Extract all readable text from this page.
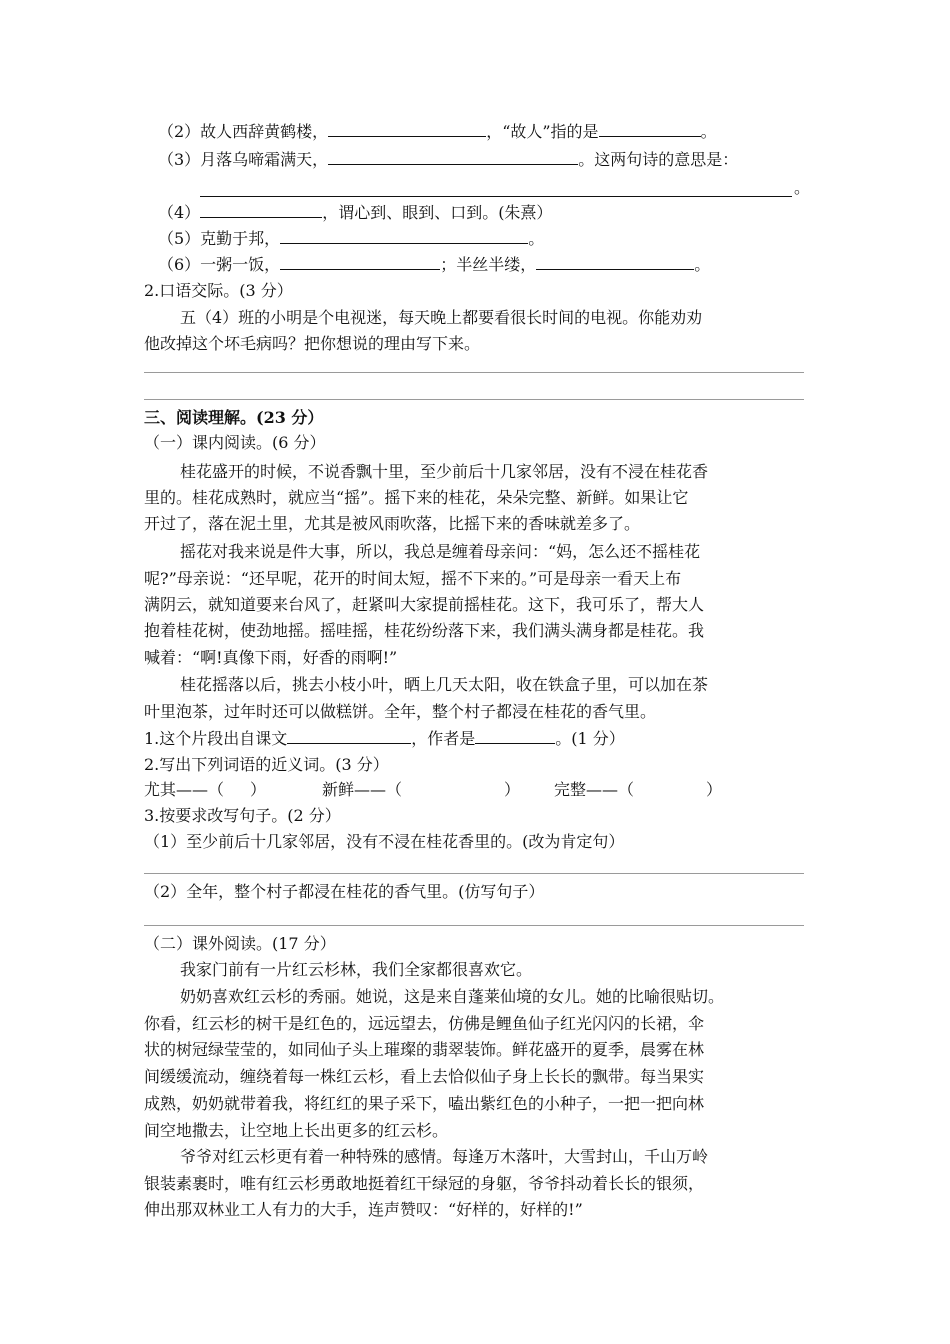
（2）故人西辞黄鹤楼，	，“故人”指的是	。
（3）月落乌啼霜满天，	。这两句诗的意思是：
。
（4）	，谓心到、眼到、口到。(朱熹）
（5）克勤于邦，	。
（6）一粥一饭，	；半丝半缕，	。
2.口语交际。(3 分）
五（4）班的小明是个电视迷，每天晚上都要看很长时间的电视。你能劝劝
他改掉这个坏毛病吗？把你想说的理由写下来。
三、阅读理解。(23 分）
（一）课内阅读。(6 分）
桂花盛开的时候，不说香飘十里，至少前后十几家邻居，没有不浸在桂花香
里的。桂花成熟时，就应当“摇”。摇下来的桂花，朵朵完整、新鲜。如果让它
开过了，落在泥土里，尤其是被风雨吹落，比摇下来的香味就差多了。
摇花对我来说是件大事，所以，我总是缠着母亲问：“妈，怎么还不摇桂花
呢?”母亲说：“还早呢，花开的时间太短，摇不下来的。”可是母亲一看天上布
满阴云，就知道要来台风了，赶紧叫大家提前摇桂花。这下，我可乐了，帮大人
抱着桂花树，使劲地摇。摇哇摇，桂花纷纷落下来，我们满头满身都是桂花。我
喊着：“啊!真像下雨，好香的雨啊!”
桂花摇落以后，挑去小枝小叶，晒上几天太阳，收在铁盒子里，可以加在茶
叶里泡茶，过年时还可以做糕饼。全年，整个村子都浸在桂花的香气里。
1.这个片段出自课文	，作者是	。(1 分）
2.写出下列词语的近义词。(3 分）
尤其——（ ）	新鲜——（	） 完整——（	）
3.按要求改写句子。(2 分）
（1）至少前后十几家邻居，没有不浸在桂花香里的。(改为肯定句）
（2）全年，整个村子都浸在桂花的香气里。(仿写句子）
（二）课外阅读。(17 分）
我家门前有一片红云杉林，我们全家都很喜欢它。
奶奶喜欢红云杉的秀丽。她说，这是来自蓬莱仙境的女儿。她的比喻很贴切。
你看，红云杉的树干是红色的，远远望去，仿佛是鲤鱼仙子红光闪闪的长裙，伞
状的树冠绿莹莹的，如同仙子头上璀璨的翡翠装饰。鲜花盛开的夏季，晨雾在林
间缓缓流动，缠绕着每一株红云杉，看上去恰似仙子身上长长的飘带。每当果实
成熟，奶奶就带着我，将红红的果子采下，嗑出紫红色的小种子，一把一把向林
间空地撒去，让空地上长出更多的红云杉。
爷爷对红云杉更有着一种特殊的感情。每逢万木落叶，大雪封山，千山万岭
银装素裹时，唯有红云杉勇敢地挺着红干绿冠的身躯，爷爷抖动着长长的银须，
伸出那双林业工人有力的大手，连声赞叹：“好样的，好样的!”
